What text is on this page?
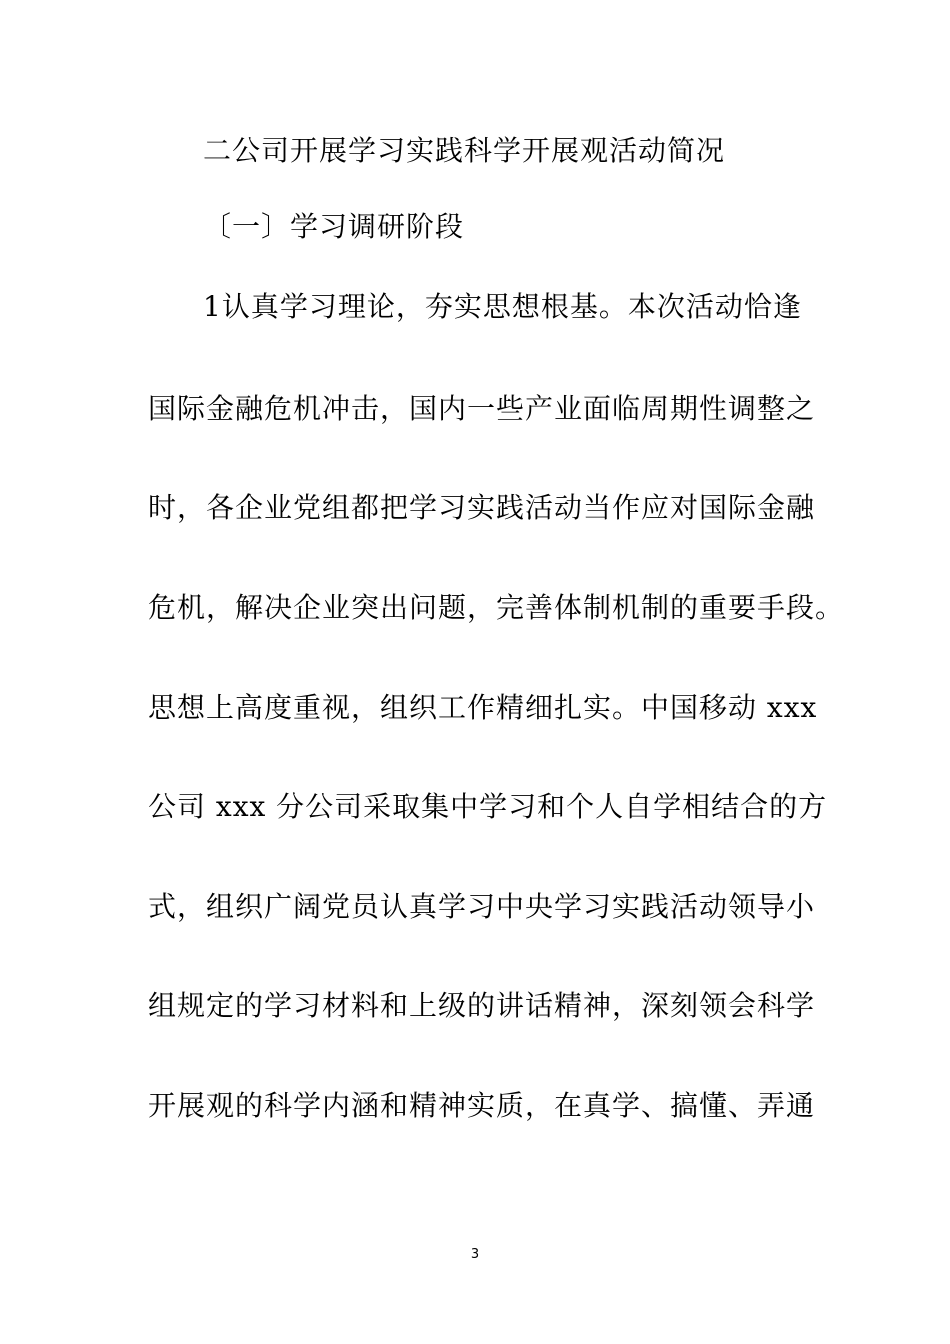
二公司开展学习实践科学开展观活动简况
〔一〕学习调研阶段
1认真学习理论，夯实思想根基。本次活动恰逢
国际金融危机冲击，国内一些产业面临周期性调整之
时，各企业党组都把学习实践活动当作应对国际金融
危机，解决企业突出问题，完善体制机制的重要手段。
思想上高度重视，组织工作精细扎实。中国移动 xxx
公司 xxx 分公司采取集中学习和个人自学相结合的方
式，组织广阔党员认真学习中央学习实践活动领导小
组规定的学习材料和上级的讲话精神，深刻领会科学
开展观的科学内涵和精神实质，在真学、搞懂、弄通
3
